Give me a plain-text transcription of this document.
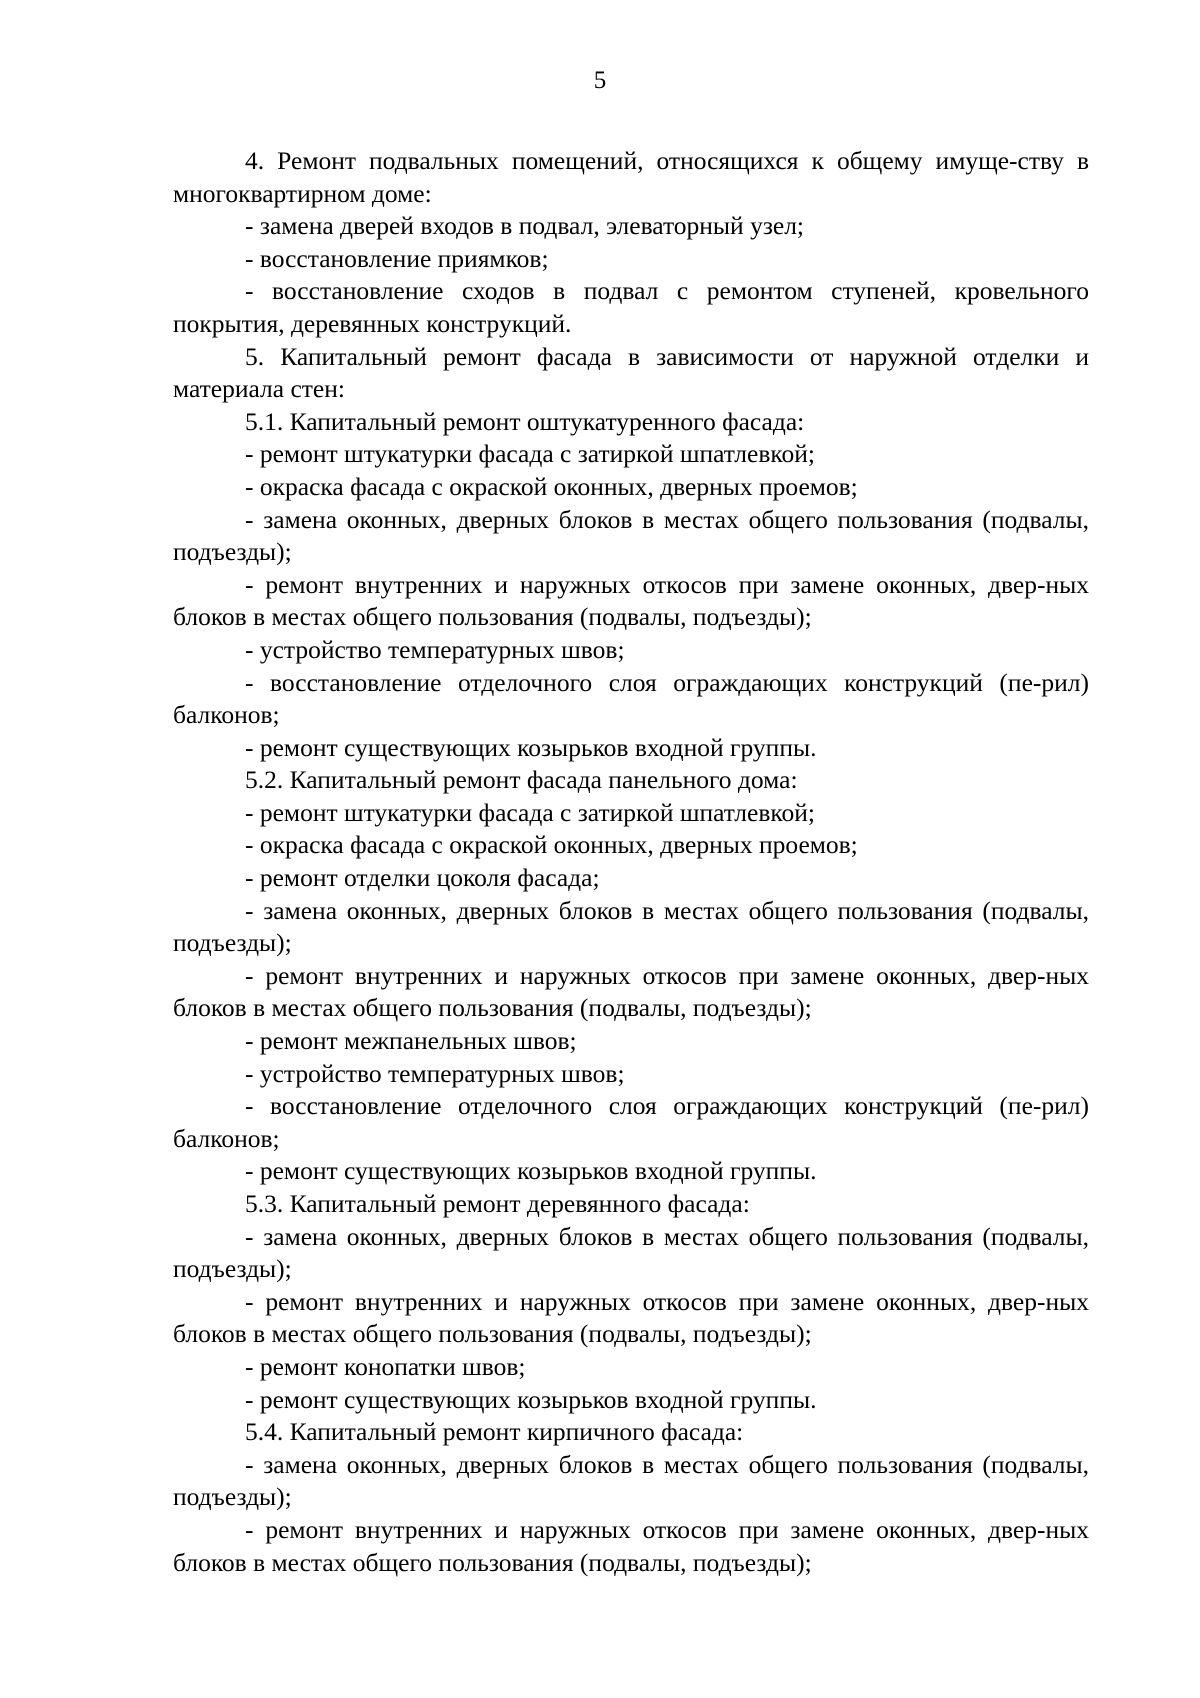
5

4. Ремонт подвальных помещений, относящихся к общему имуще-ству в многоквартирном доме:

- замена дверей входов в подвал, элеваторный узел;

- восстановление приямков;

- восстановление сходов в подвал с ремонтом ступеней, кровельного покрытия, деревянных конструкций.

5. Капитальный ремонт фасада в зависимости от наружной отделки и материала стен:

5.1. Капитальный ремонт оштукатуренного фасада:

- ремонт штукатурки фасада с затиркой шпатлевкой;

- окраска фасада с окраской оконных, дверных проемов;

- замена оконных, дверных блоков в местах общего пользования (подвалы, подъезды);

- ремонт внутренних и наружных откосов при замене оконных, двер-ных блоков в местах общего пользования (подвалы, подъезды);

- устройство температурных швов;

- восстановление отделочного слоя ограждающих конструкций (пе-рил) балконов;

- ремонт существующих козырьков входной группы.

5.2. Капитальный ремонт фасада панельного дома:

- ремонт штукатурки фасада с затиркой шпатлевкой;

- окраска фасада с окраской оконных, дверных проемов;

- ремонт отделки цоколя фасада;

- замена оконных, дверных блоков в местах общего пользования (подвалы, подъезды);

- ремонт внутренних и наружных откосов при замене оконных, двер-ных блоков в местах общего пользования (подвалы, подъезды);

- ремонт межпанельных швов;

- устройство температурных швов;

- восстановление отделочного слоя ограждающих конструкций (пе-рил) балконов;

- ремонт существующих козырьков входной группы.

5.3. Капитальный ремонт деревянного фасада:

- замена оконных, дверных блоков в местах общего пользования (подвалы, подъезды);

- ремонт внутренних и наружных откосов при замене оконных, двер-ных блоков в местах общего пользования (подвалы, подъезды);

- ремонт конопатки швов;

- ремонт существующих козырьков входной группы.

5.4. Капитальный ремонт кирпичного фасада:

- замена оконных, дверных блоков в местах общего пользования (подвалы, подъезды);

- ремонт внутренних и наружных откосов при замене оконных, двер-ных блоков в местах общего пользования (подвалы, подъезды);
